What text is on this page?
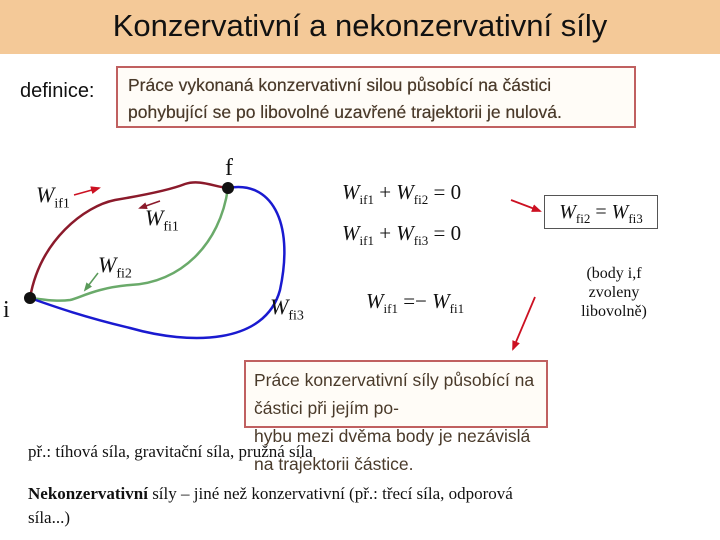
Konzervativní a nekonzervativní síly
definice: Práce vykonaná konzervativní silou působící na částici
pohybující se po libovolné uzavřené trajektorii je nulová.
f
i
$W_{if1}$
$W_{fi1}$
$W_{fi2}$
$W_{fi3}$
$W_{if1} + W_{fi2} = 0$
$W_{if1} + W_{fi3} = 0$
$W_{if1} =- W_{fi1}$
$W_{fi2} = W_{fi3}$
(body i,f zvoleny libovolně)
Práce konzervativní síly působící na částici při jejím po-
hybu mezi dvěma body je nezávislá na trajektorii částice.
př.: tíhová síla, gravitační síla, pružná síla
Nekonzervativní síly – jiné než konzervativní (př.: třecí síla, odporová síla...)
